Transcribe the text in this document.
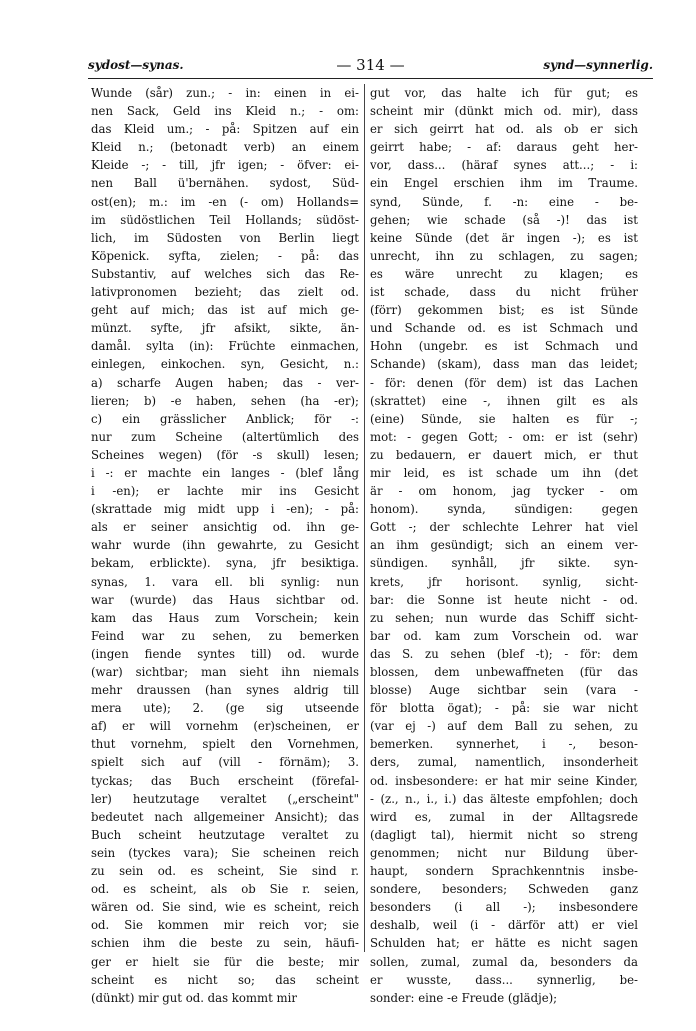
sydost—synas.	— 314 —	synd—synnerlig.
Wunde (sår) zun.; - in: einen in ei-
nen Sack, Geld ins Kleid n.; - om:
das Kleid um.; - på: Spitzen auf ein
Kleid n.; (betonadt verb) an einem
Kleide -; - till, jfr igen; - öfver: ei-
nen Ball ü'bernähen. sydost, Süd-
ost(en); m.: im -en (- om) Hollands=
im südöstlichen Teil Hollands; südöst-
lich, im Südosten von Berlin liegt
Köpenick. syfta, zielen; - på: das
Substantiv, auf welches sich das Re-
lativpronomen bezieht; das zielt od.
geht auf mich; das ist auf mich ge-
münzt. syfte, jfr afsikt, sikte, än-
damål. sylta (in): Früchte einmachen,
einlegen, einkochen. syn, Gesicht, n.:
a) scharfe Augen haben; das - ver-
lieren; b) -e haben, sehen (ha -er);
c) ein grässlicher Anblick; för -:
nur zum Scheine (altertümlich des
Scheines wegen) (för -s skull) lesen;
i -: er machte ein langes - (blef lång
i -en); er lachte mir ins Gesicht
(skrattade mig midt upp i -en); - på:
als er seiner ansichtig od. ihn ge-
wahr wurde (ihn gewahrte, zu Gesicht
bekam, erblickte). syna, jfr besiktiga.
synas, 1. vara ell. bli synlig: nun
war (wurde) das Haus sichtbar od.
kam das Haus zum Vorschein; kein
Feind war zu sehen, zu bemerken
(ingen fiende syntes till) od. wurde
(war) sichtbar; man sieht ihn niemals
mehr draussen (han synes aldrig till
mera ute); 2. (ge sig utseende
af) er will vornehm (er)scheinen, er
thut vornehm, spielt den Vornehmen,
spielt sich auf (vill - förnäm); 3.
tyckas; das Buch erscheint (förefal-
ler) heutzutage veraltet („erscheint"
bedeutet nach allgemeiner Ansicht); das
Buch scheint heutzutage veraltet zu
sein (tyckes vara); Sie scheinen reich
zu sein od. es scheint, Sie sind r.
od. es scheint, als ob Sie r. seien,
wären od. Sie sind, wie es scheint, reich
od. Sie kommen mir reich vor; sie
schien ihm die beste zu sein, häufi-
ger er hielt sie für die beste; mir
scheint es nicht so; das scheint
(dünkt) mir gut od. das kommt mir
gut vor, das halte ich für gut; es
scheint mir (dünkt mich od. mir), dass
er sich geirrt hat od. als ob er sich
geirrt habe; - af: daraus geht her-
vor, dass... (häraf synes att...; - i:
ein Engel erschien ihm im Traume.
synd, Sünde, f. -n: eine - be-
gehen; wie schade (så -)! das ist
keine Sünde (det är ingen -); es ist
unrecht, ihn zu schlagen, zu sagen;
es wäre unrecht zu klagen; es
ist schade, dass du nicht früher
(förr) gekommen bist; es ist Sünde
und Schande od. es ist Schmach und
Hohn (ungebr. es ist Schmach und
Schande) (skam), dass man das leidet;
- för: denen (för dem) ist das Lachen
(skrattet) eine -, ihnen gilt es als
(eine) Sünde, sie halten es für -;
mot: - gegen Gott; - om: er ist (sehr)
zu bedauern, er dauert mich, er thut
mir leid, es ist schade um ihn (det
är - om honom, jag tycker - om
honom). synda, sündigen: gegen
Gott -; der schlechte Lehrer hat viel
an ihm gesündigt; sich an einem ver-
sündigen. synhåll, jfr sikte. syn-
krets, jfr horisont. synlig, sicht-
bar: die Sonne ist heute nicht - od.
zu sehen; nun wurde das Schiff sicht-
bar od. kam zum Vorschein od. war
das S. zu sehen (blef -t); - för: dem
blossen, dem unbewaffneten (für das
blosse) Auge sichtbar sein (vara -
för blotta ögat); - på: sie war nicht
(var ej -) auf dem Ball zu sehen, zu
bemerken. synnerhet, i -, beson-
ders, zumal, namentlich, insonderheit
od. insbesondere: er hat mir seine Kinder,
- (z., n., i., i.) das älteste empfohlen; doch
wird es, zumal in der Alltagsrede
(dagligt tal), hiermit nicht so streng
genommen; nicht nur Bildung über-
haupt, sondern Sprachkenntnis insbe-
sondere, besonders; Schweden ganz
besonders (i all -); insbesondere
deshalb, weil (i - därför att) er viel
Schulden hat; er hätte es nicht sagen
sollen, zumal, zumal da, besonders da
er wusste, dass... synnerlig, be-
sonder: eine -e Freude (glädje);
